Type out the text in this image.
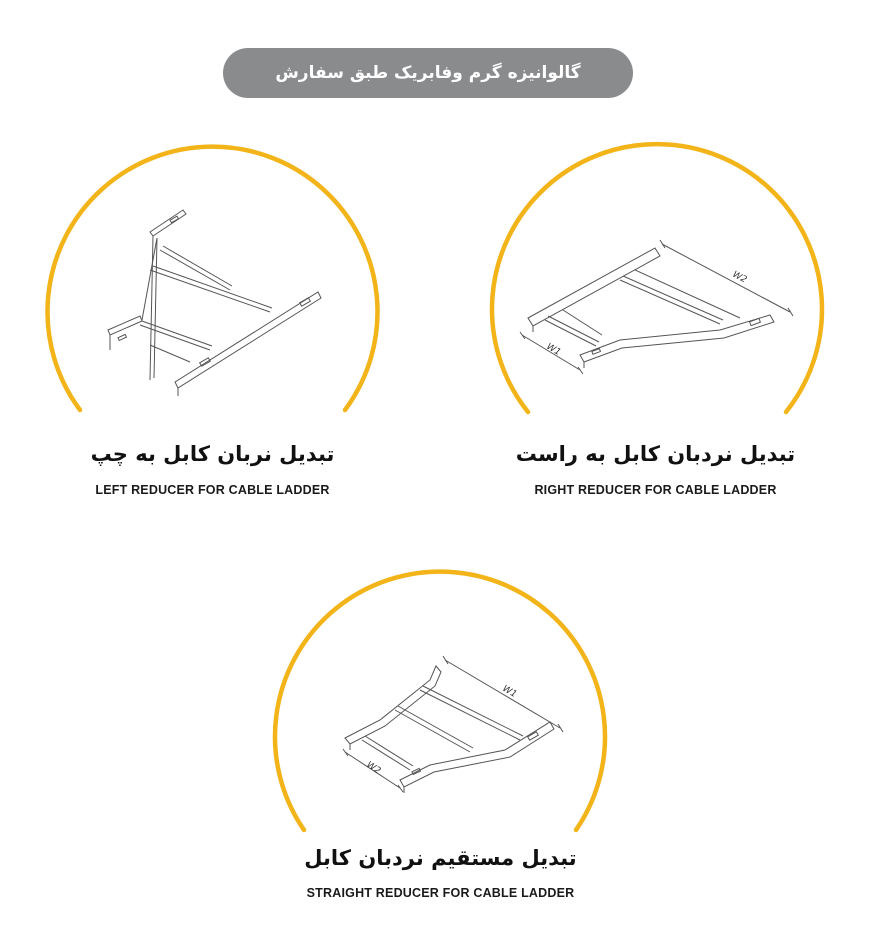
گالوانیزه گرم وفابریک طبق سفارش
تبدیل نربان کابل به چپ
LEFT REDUCER FOR CABLE LADDER
W2
W1
تبدیل نردبان کابل به راست
RIGHT REDUCER FOR CABLE LADDER
W1
W2
تبدیل مستقیم نردبان کابل
STRAIGHT REDUCER FOR CABLE LADDER
